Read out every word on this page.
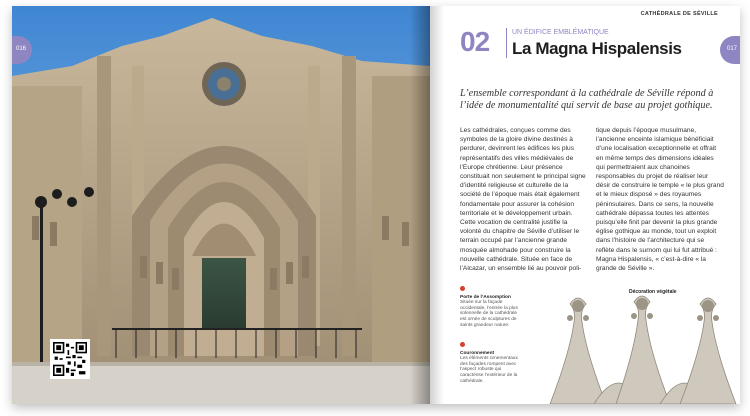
016
CATHÉDRALE DE SÉVILLE
017
02	UN ÉDIFICE EMBLÉMATIQUE
La Magna Hispalensis

L’ensemble correspondant à la cathédrale de Séville répond à l’idée de monumentalité qui servit de base au projet gothique.

Les cathédrales, conçues comme des symboles de la gloire divine destinés à perdurer, devinrent les édifices les plus représentatifs des villes médiévales de l’Europe chrétienne. Leur présence constituait non seulement le principal signe d’identité religieuse et culturelle de la société de l’époque mais était également fondamentale pour assurer la cohésion territoriale et le développement urbain. Cette vocation de centralité justifie la volonté du chapitre de Séville d’utiliser le terrain occupé par l’ancienne grande mosquée almohade pour construire la nouvelle cathédrale. Située en face de l’Alcazar, un ensemble lié au pouvoir poli-

tique depuis l’époque musulmane, l’ancienne enceinte islamique bénéficiait d’une localisation exceptionnelle et offrait en même temps des dimensions idéales qui permettraient aux chanoines responsables du projet de réaliser leur désir de construire le temple « le plus grand et le mieux disposé » des royaumes péninsulaires. Dans ce sens, la nouvelle cathédrale dépassa toutes les attentes puisqu’elle finit par devenir la plus grande église gothique au monde, tout un exploit dans l’histoire de l’architecture qui se reflète dans le surnom qui lui fut attribué : Magna Hispalensis, « c’est-à-dire « la grande de Séville ».

Porte de l’Assomption
Située sur la façade occidentale, l’entrée la plus solennelle de la cathédrale est ornée de sculptures de saints grandeur nature.
Couronnement
Les éléments ornementaux des façades rompent avec l’aspect robuste qui caractérise l’extérieur de la cathédrale.
Décoration végétale
